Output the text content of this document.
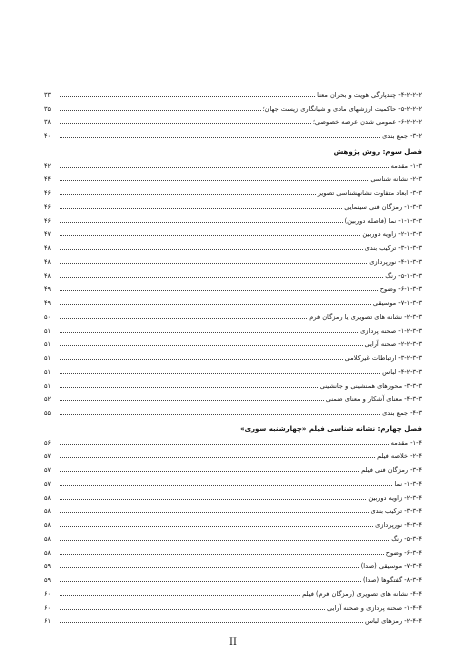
۴-۲-۲-۲- چندپارگی هویت و بحران معنا
۳۳
۵-۲-۲-۲- حاکمیت ارزشهای مادی و شیانگاری زیست جهان؛
۳۵
۶-۲-۲-۲- عمومی شدن عرصه خصوصی؛
۳۸
۳-۲- جمع بندی
۴۰
فصل سوم: روش پژوهش
۱-۳- مقدمه
۴۲
۲-۳- نشانه شناسی
۴۴
۳-۳- ابعاد متفاوت نشانهشناسی تصویر
۴۶
۱-۳-۳- رمزگان فنی سینمایی
۴۶
۱-۱-۳-۳- نما (فاصله دوربین)
۴۶
۲-۱-۳-۳- زاویه دوربین
۴۷
۳-۱-۳-۳- ترکیب بندی
۴۸
۴-۱-۳-۳- نورپردازی
۴۸
۵-۱-۳-۳- رنگ
۴۸
۶-۱-۳-۳- وضوح
۴۹
۷-۱-۳-۳- موسیقی
۴۹
۲-۳-۳- نشانه های تصویری یا رمزگان فرم
۵۰
۱-۲-۳-۳- صحنه پردازی
۵۱
۲-۲-۳-۳- صحنه آرایی
۵۱
۳-۲-۳-۳- ارتباطات غیرکلامی
۵۱
۴-۲-۳-۳- لباس
۵۱
۳-۳-۳- محورهای همنشینی و جانشینی
۵۱
۴-۳-۳- معنای آشکار و معنای ضمنی
۵۲
۴-۳- جمع بندی
۵۵
فصل چهارم: نشانه شناسی فیلم «چهارشنبه سوری»
۱-۴- مقدمه
۵۶
۲-۴- خلاصه فیلم
۵۷
۳-۴- رمزگان فنی فیلم
۵۷
۱-۳-۴- نما
۵۷
۲-۳-۴- زاویه دوربین
۵۸
۳-۳-۴- ترکیب بندی
۵۸
۴-۳-۴- نورپردازی
۵۸
۵-۳-۴- رنگ
۵۸
۶-۳-۴- وضوح
۵۸
۷-۳-۴- موسیقی (صدا)
۵۹
۸-۳-۴- گفتگوها (صدا)
۵۹
۴-۴- نشانه های تصویری (رمزگان فرم) فیلم
۶۰
۱-۴-۴- صحنه پردازی و صحنه آرایی
۶۰
۲-۴-۴- رمزهای لباس
۶۱
II
